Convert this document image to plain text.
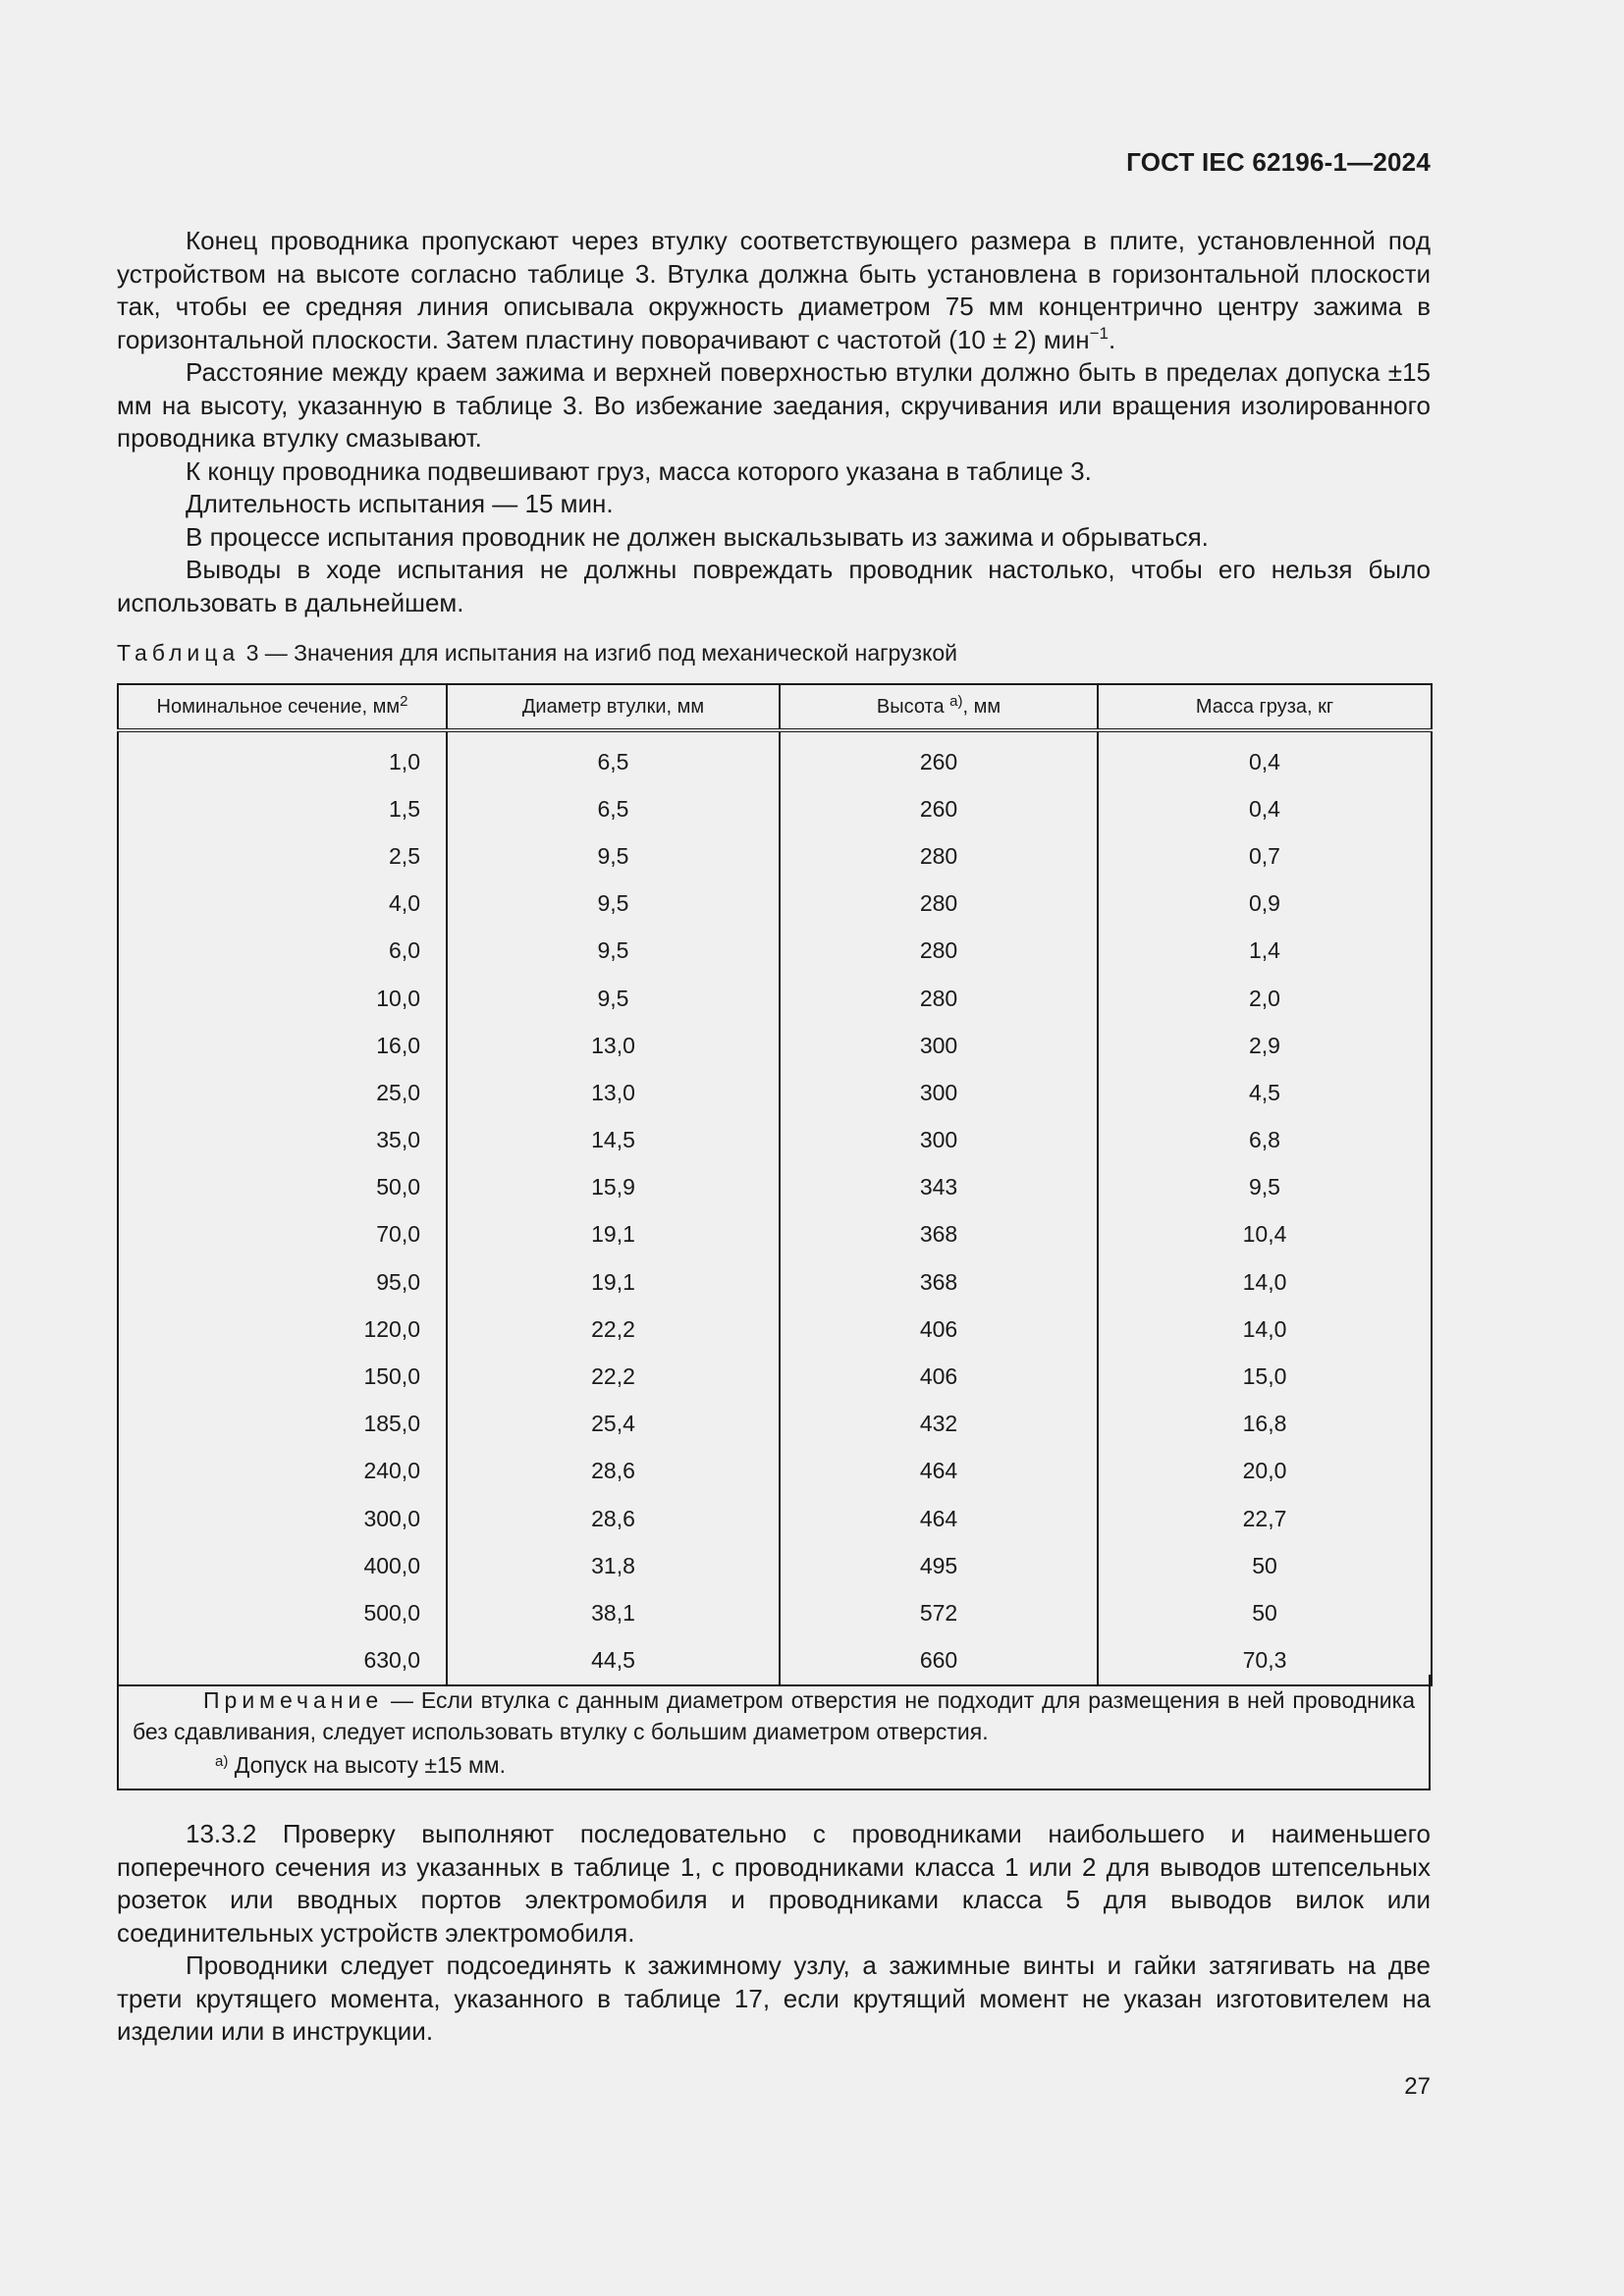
ГОСТ IEC 62196-1—2024

Конец проводника пропускают через втулку соответствующего размера в плите, установленной под устройством на высоте согласно таблице 3. Втулка должна быть установлена в горизонтальной плоскости так, чтобы ее средняя линия описывала окружность диаметром 75 мм концентрично центру зажима в горизонтальной плоскости. Затем пластину поворачивают с частотой (10 ± 2) мин$^{-1}$.

Расстояние между краем зажима и верхней поверхностью втулки должно быть в пределах допуска ±15 мм на высоту, указанную в таблице 3. Во избежание заедания, скручивания или вращения изолированного проводника втулку смазывают.

К концу проводника подвешивают груз, масса которого указана в таблице 3.

Длительность испытания — 15 мин.

В процессе испытания проводник не должен выскальзывать из зажима и обрываться.

Выводы в ходе испытания не должны повреждать проводник настолько, чтобы его нельзя было использовать в дальнейшем.

Таблица 3 — Значения для испытания на изгиб под механической нагрузкой
Номинальное сечение, $мм^2$	Диаметр втулки, мм	Высота $^{а)}$, мм	Масса груза, кг
1,0	6,5	260	0,4
1,5	6,5	260	0,4
2,5	9,5	280	0,7
4,0	9,5	280	0,9
6,0	9,5	280	1,4
10,0	9,5	280	2,0
16,0	13,0	300	2,9
25,0	13,0	300	4,5
35,0	14,5	300	6,8
50,0	15,9	343	9,5
70,0	19,1	368	10,4
95,0	19,1	368	14,0
120,0	22,2	406	14,0
150,0	22,2	406	15,0
185,0	25,4	432	16,8
240,0	28,6	464	20,0
300,0	28,6	464	22,7
400,0	31,8	495	50
500,0	38,1	572	50
630,0	44,5	660	70,3

Примечание — Если втулка с данным диаметром отверстия не подходит для размещения в ней проводника без сдавливания, следует использовать втулку с большим диаметром отверстия.

$^{а)}$ Допуск на высоту ±15 мм.

13.3.2 Проверку выполняют последовательно с проводниками наибольшего и наименьшего поперечного сечения из указанных в таблице 1, с проводниками класса 1 или 2 для выводов штепсельных розеток или вводных портов электромобиля и проводниками класса 5 для выводов вилок или соединительных устройств электромобиля.

Проводники следует подсоединять к зажимному узлу, а зажимные винты и гайки затягивать на две трети крутящего момента, указанного в таблице 17, если крутящий момент не указан изготовителем на изделии или в инструкции.

27
